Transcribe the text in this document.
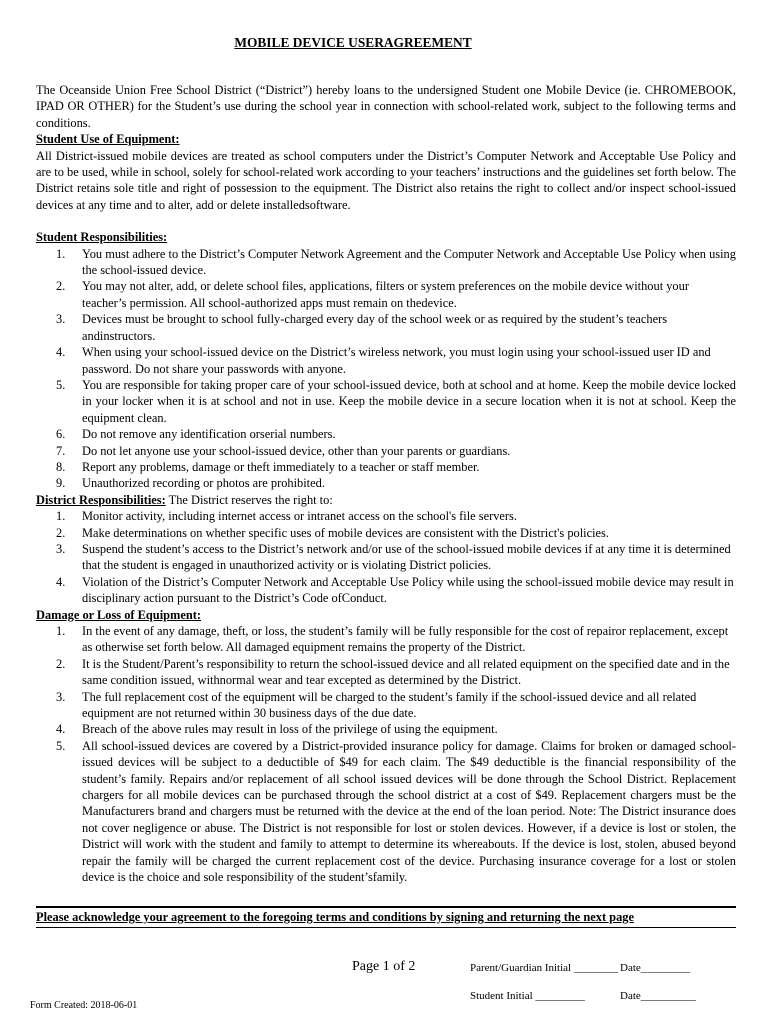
MOBILE DEVICE USERAGREEMENT

The Oceanside Union Free School District (“District”) hereby loans to the undersigned Student one Mobile Device (ie. CHROMEBOOK, IPAD OR OTHER) for the Student’s use during the school year in connection with school-related work, subject to the following terms and conditions.

Student Use of Equipment:

All District-issued mobile devices are treated as school computers under the District’s Computer Network and Acceptable Use Policy and are to be used, while in school, solely for school-related work according to your teachers’ instructions and the guidelines set forth below. The District retains sole title and right of possession to the equipment. The District also retains the right to collect and/or inspect school-issued devices at any time and to alter, add or delete installedsoftware.

Student Responsibilities:

1.	You must adhere to the District’s Computer Network Agreement and the Computer Network and Acceptable Use Policy when using the school-issued device.
2.	You may not alter, add, or delete school files, applications, filters or system preferences on the mobile device without your teacher’s permission. All school-authorized apps must remain on thedevice.
3.	Devices must be brought to school fully-charged every day of the school week or as required by the student’s teachers andinstructors.
4.	When using your school-issued device on the District’s wireless network, you must login using your school-issued user ID and password. Do not share your passwords with anyone.
5.	You are responsible for taking proper care of your school-issued device, both at school and at home. Keep the mobile device locked in your locker when it is at school and not in use. Keep the mobile device in a secure location when it is not at school. Keep the equipment clean.
6.	Do not remove any identification orserial numbers.
7.	Do not let anyone use your school-issued device, other than your parents or guardians.
8.	Report any problems, damage or theft immediately to a teacher or staff member.
9.	Unauthorized recording or photos are prohibited.

District Responsibilities: The District reserves the right to:

1.	Monitor activity, including internet access or intranet access on the school's file servers.
2.	Make determinations on whether specific uses of mobile devices are consistent with the District's policies.
3.	Suspend the student’s access to the District’s network and/or use of the school-issued mobile devices if at any time it is determined that the student is engaged in unauthorized activity or is violating District policies.
4.	Violation of the District’s Computer Network and Acceptable Use Policy while using the school-issued mobile device may result in disciplinary action pursuant to the District’s Code ofConduct.

Damage or Loss of Equipment:

1.	In the event of any damage, theft, or loss, the student’s family will be fully responsible for the cost of repairor replacement, except as otherwise set forth below. All damaged equipment remains the property of the District.
2.	It is the Student/Parent’s responsibility to return the school-issued device and all related equipment on the specified date and in the same condition issued, withnormal wear and tear excepted as determined by the District.
3.	The full replacement cost of the equipment will be charged to the student’s family if the school-issued device and all related equipment are not returned within 30 business days of the due date.
4.	Breach of the above rules may result in loss of the privilege of using the equipment.
5.	All school-issued devices are covered by a District-provided insurance policy for damage. Claims for broken or damaged school-issued devices will be subject to a deductible of $49 for each claim. The $49 deductible is the financial responsibility of the student’s family. Repairs and/or replacement of all school issued devices will be done through the School District. Replacement chargers for all mobile devices can be purchased through the school district at a cost of $49. Replacement chargers must be the Manufacturers brand and chargers must be returned with the device at the end of the loan period. Note: The District insurance does not cover negligence or abuse. The District is not responsible for lost or stolen devices. However, if a device is lost or stolen, the District will work with the student and family to attempt to determine its whereabouts. If the device is lost, stolen, abused beyond repair the family will be charged the current replacement cost of the device. Purchasing insurance coverage for a lost or stolen device is the choice and sole responsibility of the student’sfamily.
Please acknowledge your agreement to the foregoing terms and conditions by signing and returning the next page
Page 1 of 2	Parent/Guardian Initial ________ Date_________
Student Initial _________	Date__________
Form Created: 2018-06-01
